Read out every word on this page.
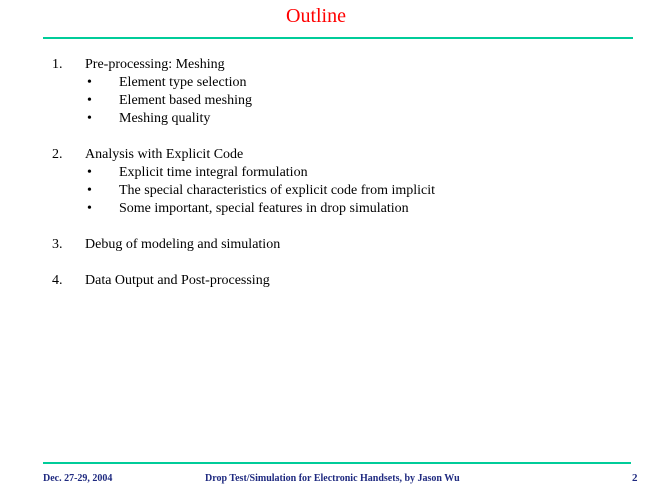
Outline
1. Pre-processing: Meshing
• Element type selection
• Element based meshing
• Meshing quality
2. Analysis with Explicit Code
• Explicit time integral formulation
• The special characteristics of explicit code from implicit
• Some important, special features in drop simulation
3. Debug of modeling and simulation
4. Data Output and Post-processing
Dec. 27-29, 2004	Drop Test/Simulation for Electronic Handsets, by Jason Wu	2
